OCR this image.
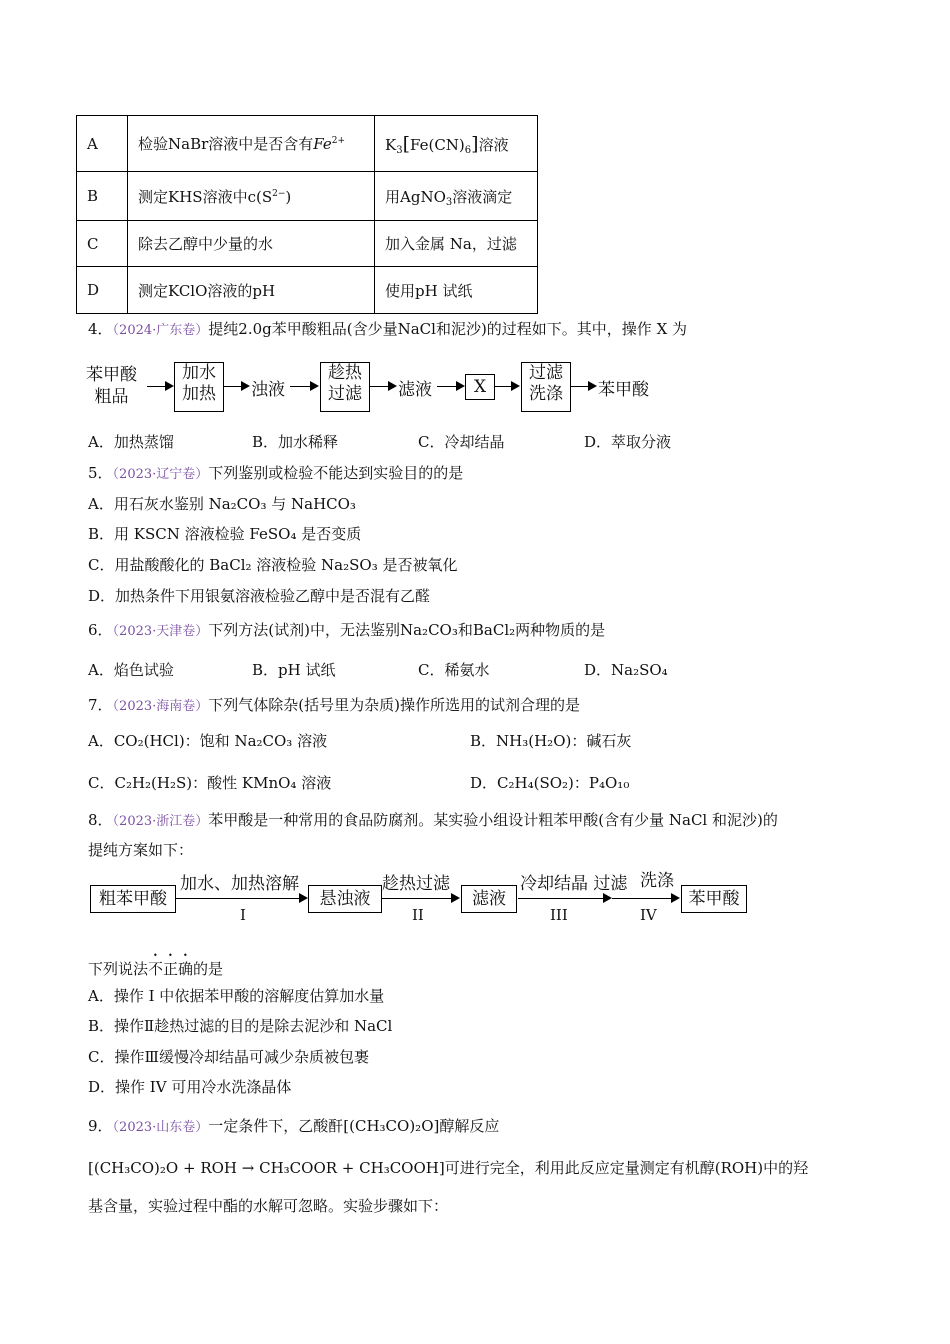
A	检验NaBr溶液中是否含有$Fe^{2+}$	$K_3[Fe(CN)_6]$溶液
B	测定KHS溶液中$c(S^{2-})$	用AgNO$_3$溶液滴定
C	除去乙醇中少量的水	加入金属 Na，过滤
D	测定KClO溶液的pH	使用pH 试纸
4．（2024·广东卷）提纯2.0g苯甲酸粗品(含少量NaCl和泥沙)的过程如下。其中，操作 X 为
苯甲酸
粗品
加水
加热	浊液
趁热
过滤	滤液	X
过滤
洗涤	苯甲酸
A．加热蒸馏	B．加水稀释	C．冷却结晶	D．萃取分液
5．（2023·辽宁卷）下列鉴别或检验不能达到实验目的的是
A．用石灰水鉴别 Na₂CO₃ 与 NaHCO₃
B．用 KSCN 溶液检验 FeSO₄ 是否变质
C．用盐酸酸化的 BaCl₂ 溶液检验 Na₂SO₃ 是否被氧化
D．加热条件下用银氨溶液检验乙醇中是否混有乙醛
6．（2023·天津卷）下列方法(试剂)中，无法鉴别Na₂CO₃和BaCl₂两种物质的是
A．焰色试验	B．pH 试纸	C．稀氨水	D．Na₂SO₄
7．（2023·海南卷）下列气体除杂(括号里为杂质)操作所选用的试剂合理的是
A．CO₂(HCl)：饱和 Na₂CO₃ 溶液	B．NH₃(H₂O)：碱石灰
C．C₂H₂(H₂S)：酸性 KMnO₄ 溶液	D．C₂H₄(SO₂)：P₄O₁₀
8．（2023·浙江卷）苯甲酸是一种常用的食品防腐剂。某实验小组设计粗苯甲酸(含有少量 NaCl 和泥沙)的
提纯方案如下：
粗苯甲酸
加水、加热溶解
I
悬浊液
趁热过滤
II
滤液
冷却结晶 过滤
III
洗涤
IV
苯甲酸
下列说法不正确的是
A．操作 I 中依据苯甲酸的溶解度估算加水量
B．操作Ⅱ趁热过滤的目的是除去泥沙和 NaCl
C．操作Ⅲ缓慢冷却结晶可减少杂质被包裹
D．操作 IV 可用冷水洗涤晶体
9．（2023·山东卷）一定条件下，乙酸酐[(CH₃CO)₂O]醇解反应
[(CH₃CO)₂O + ROH → CH₃COOR + CH₃COOH]可进行完全，利用此反应定量测定有机醇(ROH)中的羟
基含量，实验过程中酯的水解可忽略。实验步骤如下：
